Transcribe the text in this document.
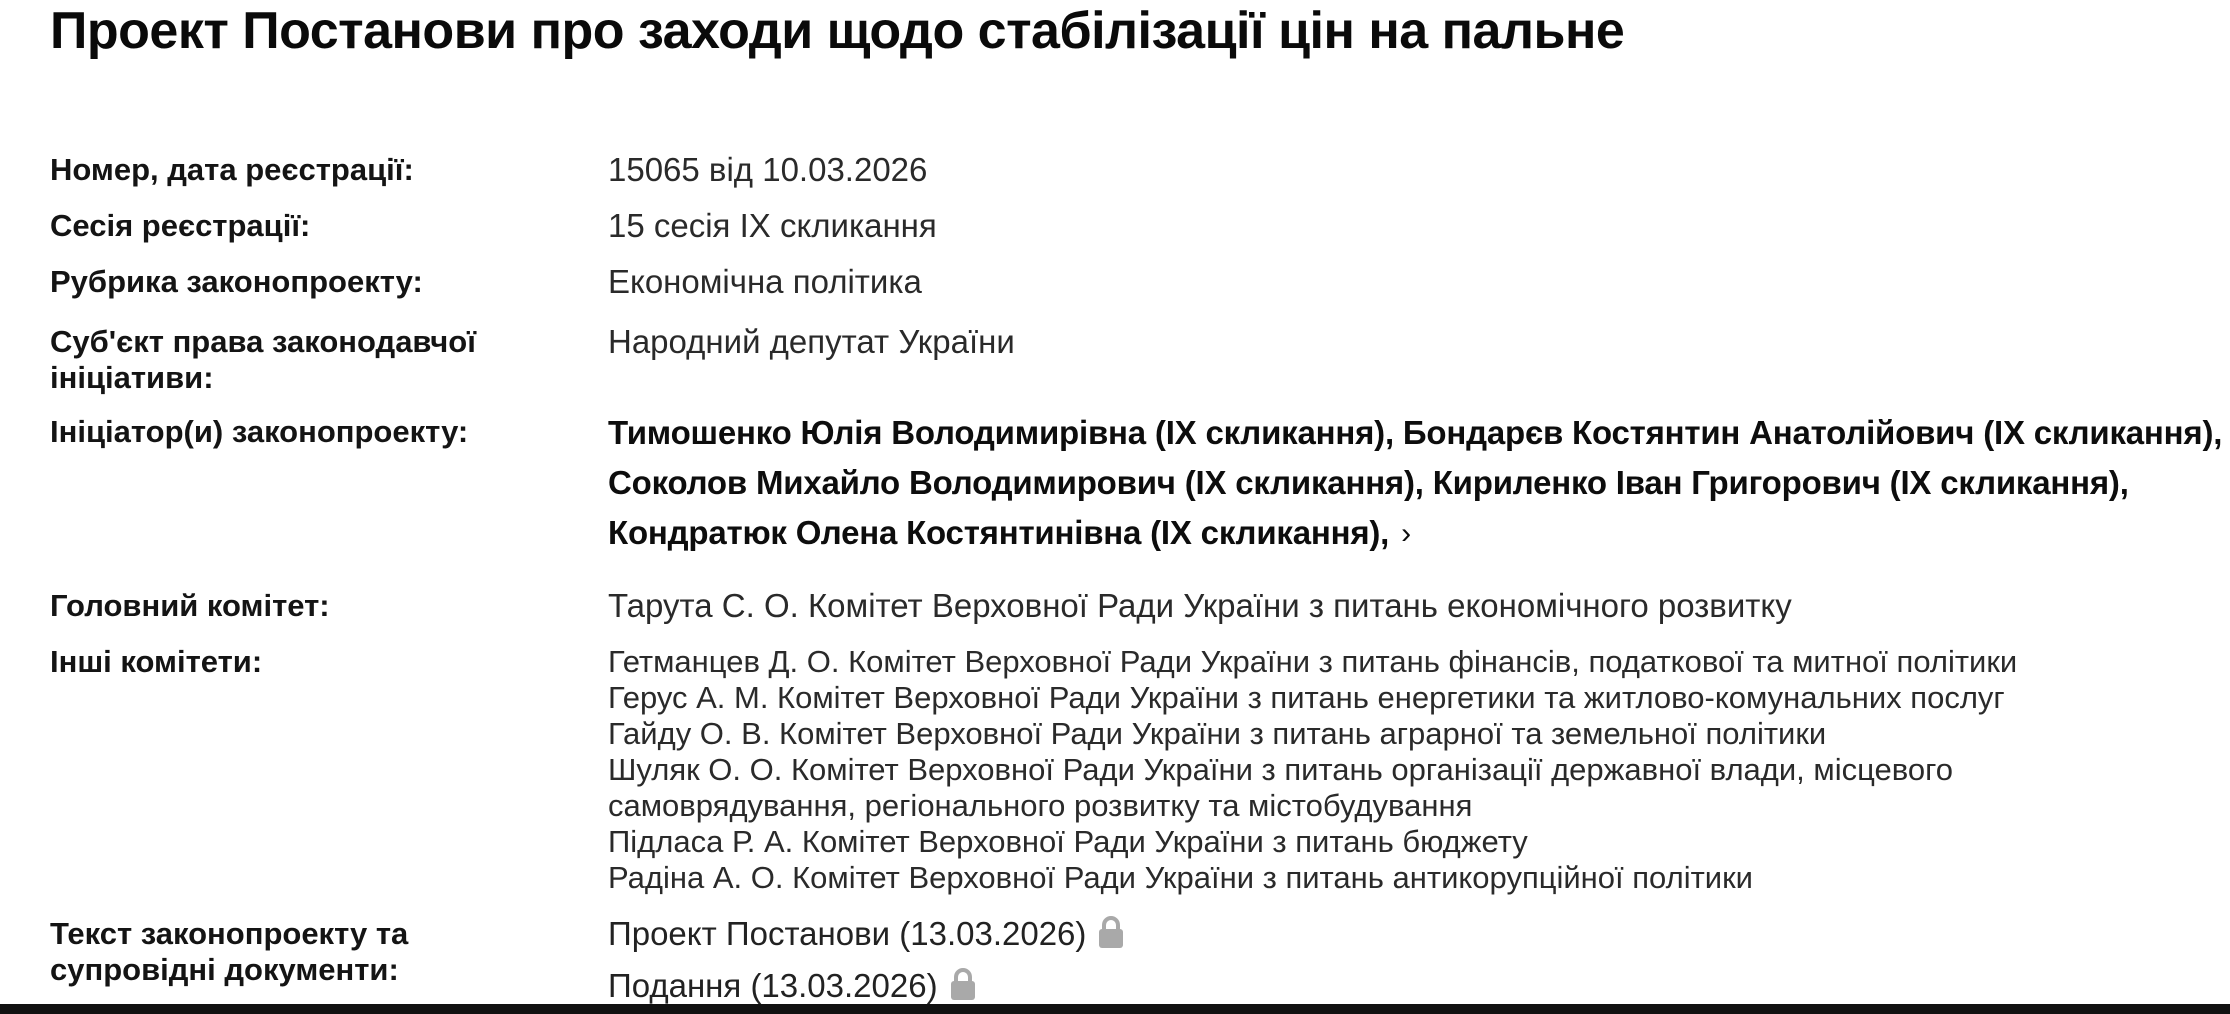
Проект Постанови про заходи щодо стабілізації цін на пальне
Номер, дата реєстрації:	15065 від 10.03.2026
Сесія реєстрації:	15 сесія IX скликання
Рубрика законопроекту:	Економічна політика
Суб'єкт права законодавчої ініціативи:
Народний депутат України
Ініціатор(и) законопроекту:	Тимошенко Юлія Володимирівна (IX скликання), Бондарєв Костянтин Анатолійович (IX скликання),
Соколов Михайло Володимирович (IX скликання), Кириленко Іван Григорович (IX скликання),
Кондратюк Олена Костянтинівна (IX скликання), ›
Головний комітет:	Тарута С. О. Комітет Верховної Ради України з питань економічного розвитку
Інші комітети:	Гетманцев Д. О. Комітет Верховної Ради України з питань фінансів, податкової та митної політики
Герус А. М. Комітет Верховної Ради України з питань енергетики та житлово-комунальних послуг
Гайду О. В. Комітет Верховної Ради України з питань аграрної та земельної політики
Шуляк О. О. Комітет Верховної Ради України з питань організації державної влади, місцевого
самоврядування, регіонального розвитку та містобудування
Підласа Р. А. Комітет Верховної Ради України з питань бюджету
Радіна А. О. Комітет Верховної Ради України з питань антикорупційної політики
Текст законопроекту та супровідні документи:
Проект Постанови (13.03.2026)
Подання (13.03.2026)
